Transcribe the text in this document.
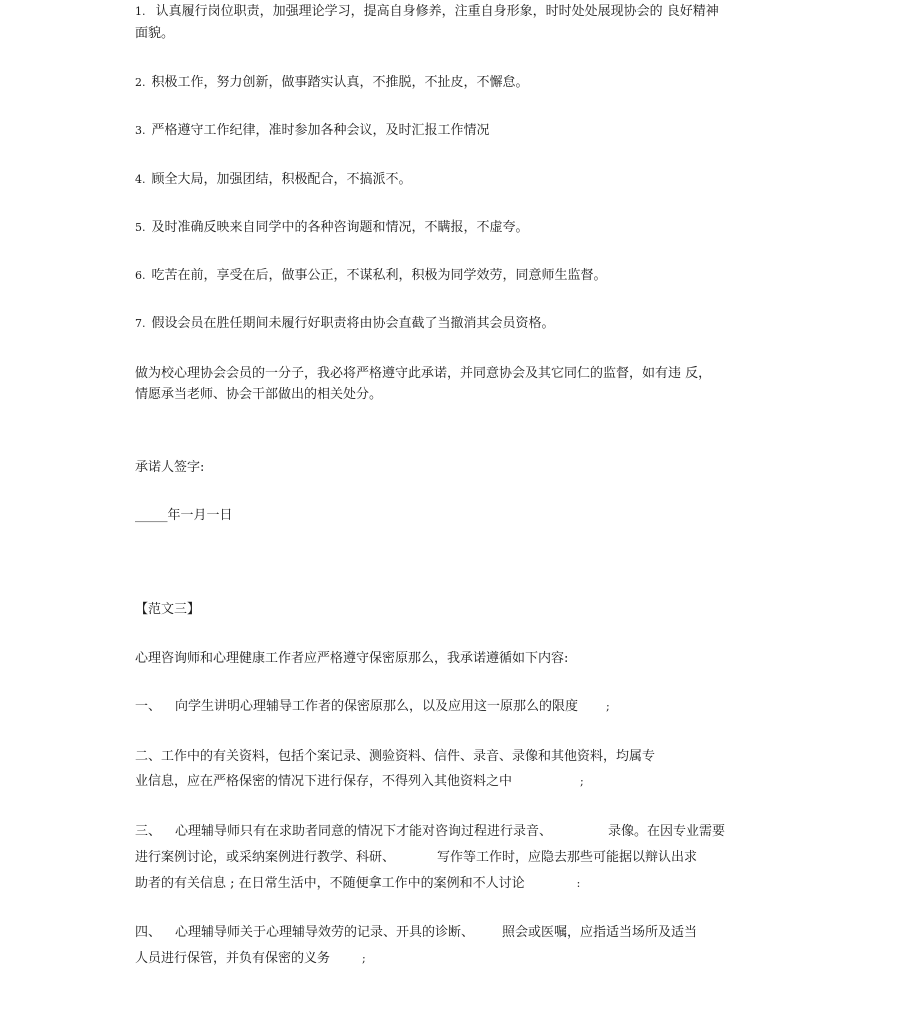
1. 认真履行岗位职责，加强理论学习，提高自身修养，注重自身形象，时时处处展现协会的 良好精神
面貌。
2. 积极工作，努力创新，做事踏实认真，不推脱，不扯皮，不懈怠。
3. 严格遵守工作纪律，准时参加各种会议，及时汇报工作情况
4. 顾全大局，加强团结，积极配合，不搞派不。
5. 及时准确反映来自同学中的各种咨询题和情况，不瞒报，不虚夸。
6. 吃苦在前，享受在后，做事公正，不谋私利，积极为同学效劳，同意师生监督。
7. 假设会员在胜任期间未履行好职责将由协会直截了当撤消其会员资格。
做为校心理协会会员的一分子，我必将严格遵守此承诺，并同意协会及其它同仁的监督，如有违 反，
情愿承当老师、协会干部做出的相关处分。
承诺人签字:
_____年一月一日
【范文三】
心理咨询师和心理健康工作者应严格遵守保密原那么，我承诺遵循如下内容:
一、 向学生讲明心理辅导工作者的保密原那么，以及应用这一原那么的限度	;
二、工作中的有关资料，包括个案记录、测验资料、信件、录音、录像和其他资料，均属专
业信息，应在严格保密的情况下进行保存，不得列入其他资料之中	;
三、 心理辅导师只有在求助者同意的情况下才能对咨询过程进行录音、	录像。在因专业需要
进行案例讨论，或采纳案例进行教学、科研、	写作等工作时，应隐去那些可能据以辩认出求
助者的有关信息 ; 在日常生活中，不随便拿工作中的案例和不人讨论	:
四、 心理辅导师关于心理辅导效劳的记录、开具的诊断、 照会或医嘱，应指适当场所及适当
人员进行保管，并负有保密的义务	;
